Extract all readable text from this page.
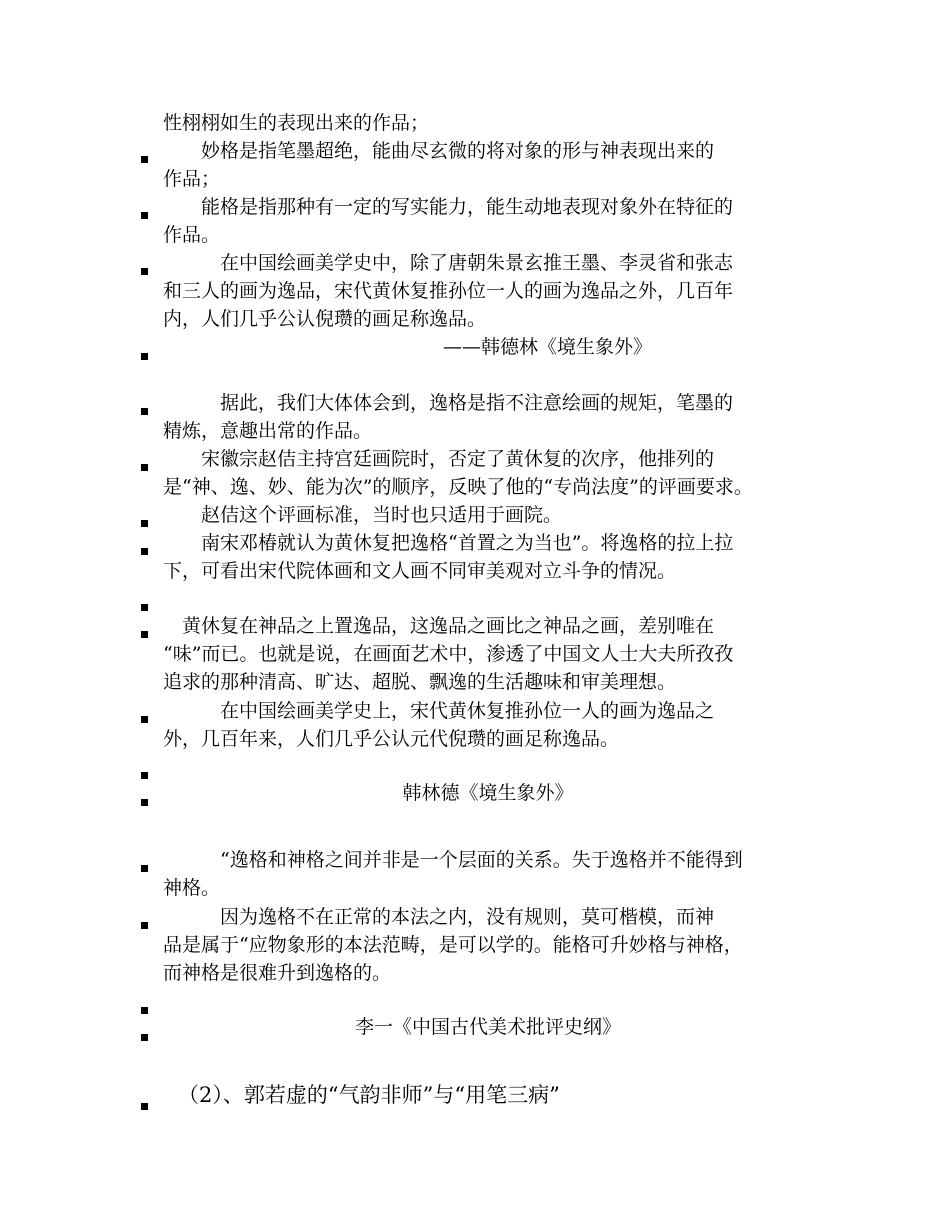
性栩栩如生的表现出来的作品；
　　妙格是指笔墨超绝，能曲尽玄微的将对象的形与神表现出来的
作品；
　　能格是指那种有一定的写实能力，能生动地表现对象外在特征的
作品。
　　　在中国绘画美学史中，除了唐朝朱景玄推王墨、李灵省和张志
和三人的画为逸品，宋代黄休复推孙位一人的画为逸品之外，几百年
内，人们几乎公认倪瓒的画足称逸品。
——韩德林《境生象外》
　　　据此，我们大体体会到，逸格是指不注意绘画的规矩，笔墨的
精炼，意趣出常的作品。
　　宋徽宗赵佶主持宫廷画院时，否定了黄休复的次序，他排列的
是“神、逸、妙、能为次”的顺序，反映了他的“专尚法度”的评画要求。
　　赵佶这个评画标准，当时也只适用于画院。
　　南宋邓椿就认为黄休复把逸格“首置之为当也”。将逸格的拉上拉
下，可看出宋代院体画和文人画不同审美观对立斗争的情况。
　黄休复在神品之上置逸品，这逸品之画比之神品之画，差别唯在
“味”而已。也就是说，在画面艺术中，渗透了中国文人士大夫所孜孜
追求的那种清高、旷达、超脱、飘逸的生活趣味和审美理想。
　　　在中国绘画美学史上，宋代黄休复推孙位一人的画为逸品之
外，几百年来，人们几乎公认元代倪瓒的画足称逸品。
韩林德《境生象外》
　　　“逸格和神格之间并非是一个层面的关系。失于逸格并不能得到
神格。
　　　因为逸格不在正常的本法之内，没有规则，莫可楷模，而神
品是属于“应物象形的本法范畴，是可以学的。能格可升妙格与神格，
而神格是很难升到逸格的。
李一《中国古代美术批评史纲》
（2）、郭若虚的“气韵非师”与“用笔三病”
